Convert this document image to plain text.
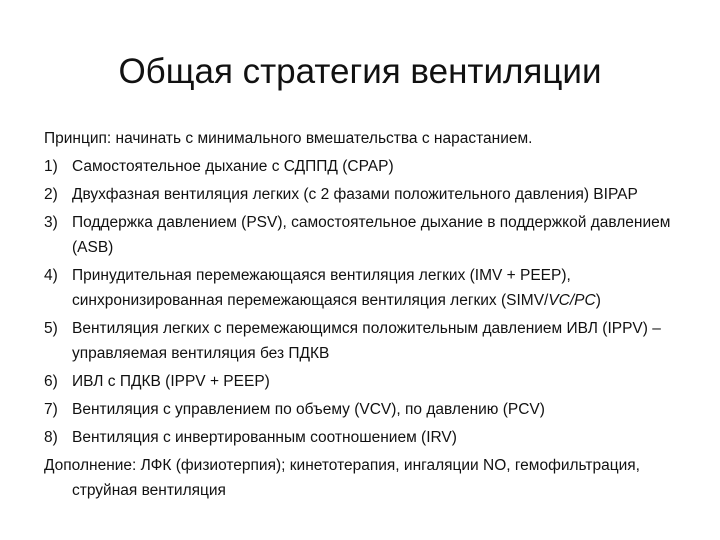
Общая стратегия вентиляции
Принцип: начинать с минимального вмешательства с нарастанием.
1) Самостоятельное дыхание с СДППД (CPAP)
2) Двухфазная вентиляция легких (с 2 фазами положительного давления) BIPAP
3) Поддержка давлением (PSV), самостоятельное дыхание в поддержкой давлением (ASB)
4) Принудительная перемежающаяся вентиляция легких (IMV + PEEP), синхронизированная перемежающаяся вентиляция легких (SIMV/VC/PC)
5) Вентиляция легких с перемежающимся положительным давлением ИВЛ (IPPV) – управляемая вентиляция без ПДКВ
6) ИВЛ с ПДКВ (IPPV + PEEP)
7) Вентиляция с управлением по объему (VCV), по давлению (PCV)
8) Вентиляция с инвертированным соотношением (IRV)
Дополнение: ЛФК (физиотерпия); кинетотерапия, ингаляции NO, гемофильтрация, струйная вентиляция
